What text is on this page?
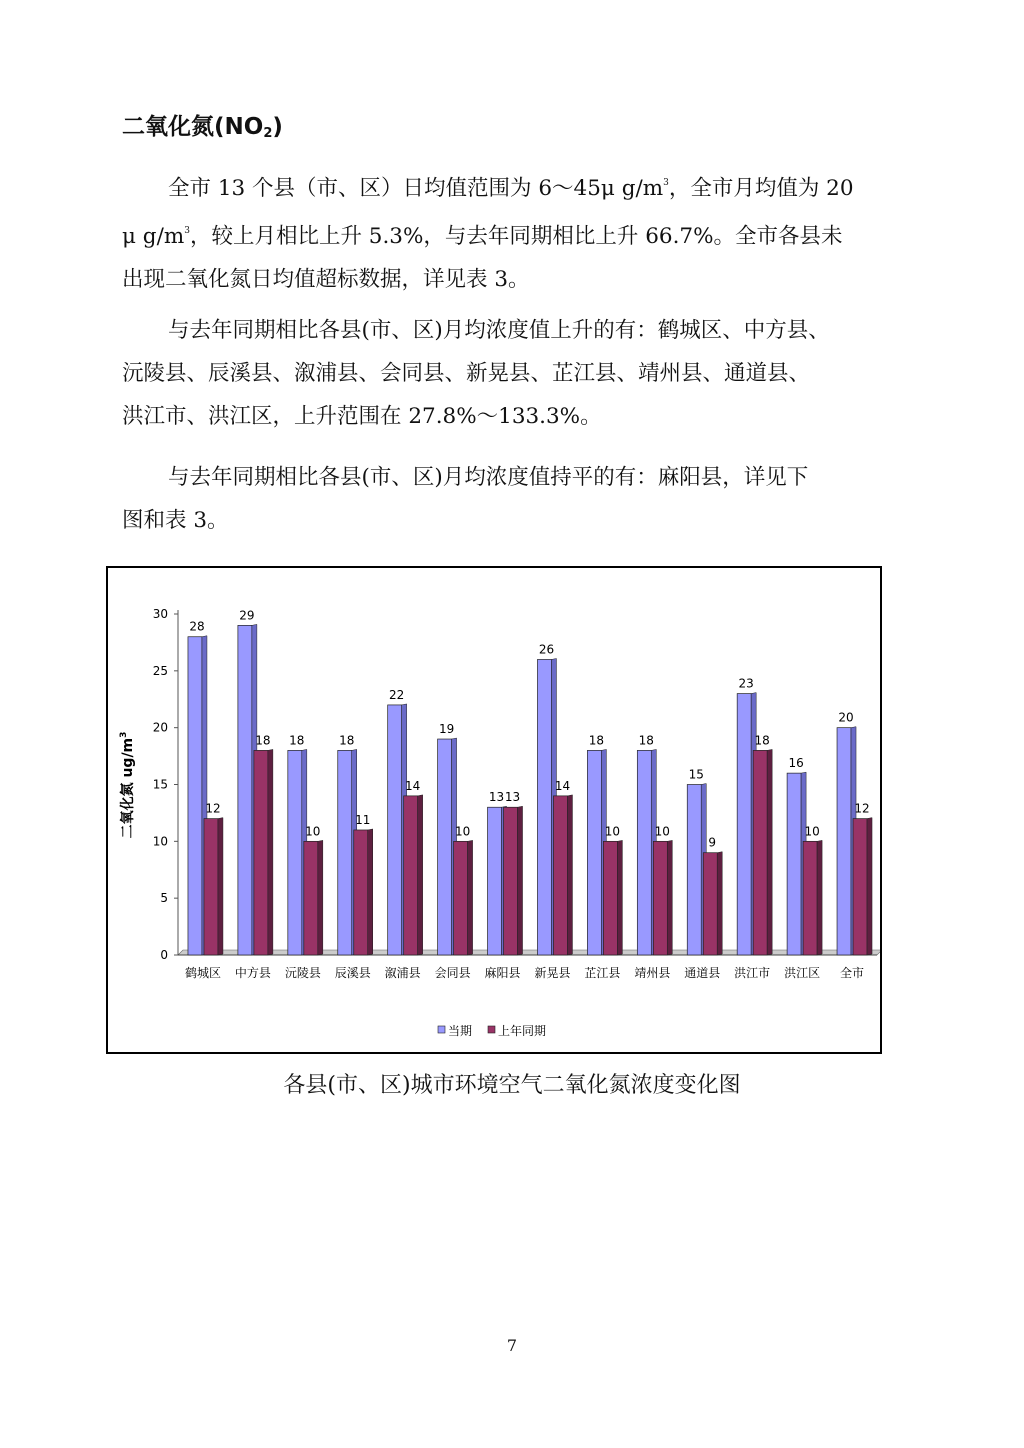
二氧化氮$(NO_2)$
全市 13 个县（市、区）日均值范围为 6～45μ $g/m^3$，全市月均值为 20
μ $g/m^3$，较上月相比上升 5.3%，与去年同期相比上升 66.7%。全市各县未
出现二氧化氮日均值超标数据，详见表 3。
与去年同期相比各县(市、区)月均浓度值上升的有：鹤城区、中方县、
沅陵县、辰溪县、溆浦县、会同县、新晃县、芷江县、靖州县、通道县、
洪江市、洪江区，上升范围在 27.8%～133.3%。
与去年同期相比各县(市、区)月均浓度值持平的有：麻阳县，详见下
图和表 3。
0
5
10
15
20
25
30
二氧化氮 $ug/m^3$
28
12
鹤城区
29
18
中方县
18
10
沅陵县
18
11
辰溪县
22
14
溆浦县
19
10
会同县
13 13
麻阳县
26
14
新晃县
18
10
芷江县
18
10
靖州县
15
9
通道县
23
18
洪江市
16
10
洪江区
20
12
全市
当期 上年同期
各县(市、区)城市环境空气二氧化氮浓度变化图
7
